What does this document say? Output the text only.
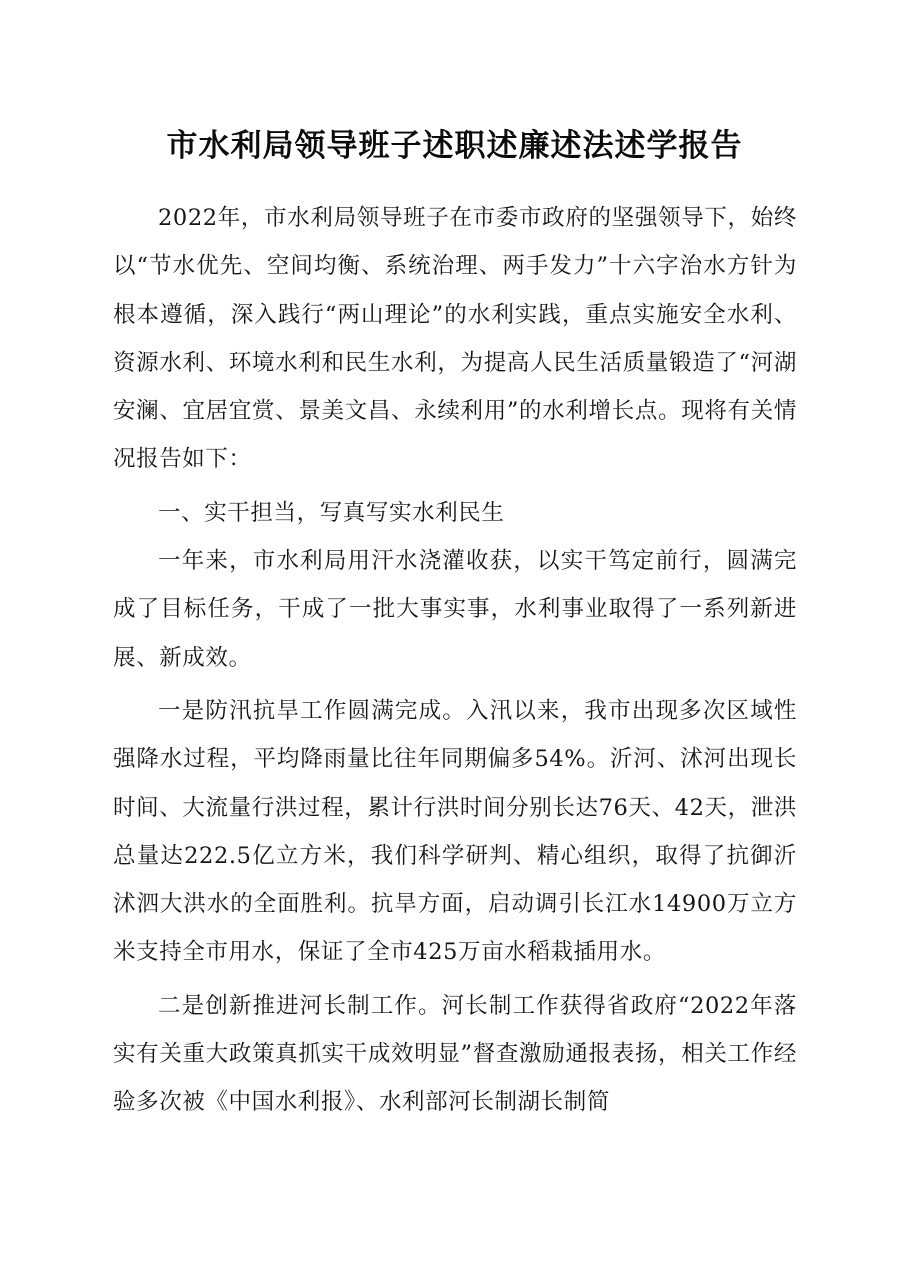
市水利局领导班子述职述廉述法述学报告

2022年，市水利局领导班子在市委市政府的坚强领导下，始终以“节水优先、空间均衡、系统治理、两手发力”十六字治水方针为根本遵循，深入践行“两山理论”的水利实践，重点实施安全水利、资源水利、环境水利和民生水利，为提高人民生活质量锻造了“河湖安澜、宜居宜赏、景美文昌、永续利用”的水利增长点。现将有关情况报告如下：

一、实干担当，写真写实水利民生

一年来，市水利局用汗水浇灌收获，以实干笃定前行，圆满完成了目标任务，干成了一批大事实事，水利事业取得了一系列新进展、新成效。

一是防汛抗旱工作圆满完成。入汛以来，我市出现多次区域性强降水过程，平均降雨量比往年同期偏多54%。沂河、沭河出现长时间、大流量行洪过程，累计行洪时间分别长达76天、42天，泄洪总量达222.5亿立方米，我们科学研判、精心组织，取得了抗御沂沭泗大洪水的全面胜利。抗旱方面，启动调引长江水14900万立方米支持全市用水，保证了全市425万亩水稻栽插用水。

二是创新推进河长制工作。河长制工作获得省政府“2022年落实有关重大政策真抓实干成效明显”督查激励通报表扬，相关工作经验多次被《中国水利报》、水利部河长制湖长制简
